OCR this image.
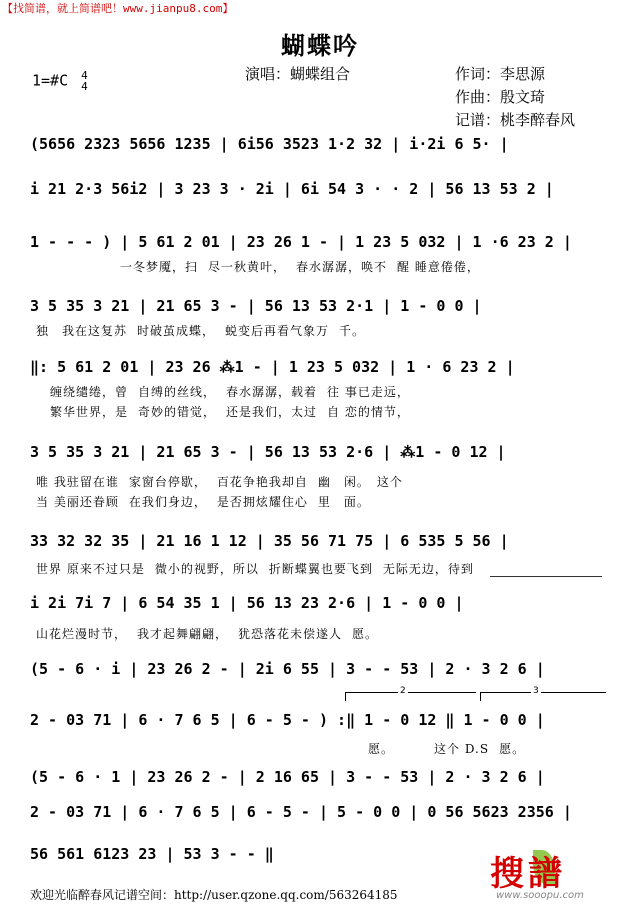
【找简谱，就上简谱吧！www.jianpu8.com】
蝴蝶吟
1=#C 4
4
演唱：蝴蝶组合	作词：李思源
作曲：殷文琦
记谱：桃李醉春风
(5656 2323 5656 1235 | 6i56 3523 1·2 32 | i·2i 6 5· |
i 21 2·3 56i2 | 3 23 3 · 2i | 6i 54 3 · · 2 | 56 13 53 2 |
1 - - - ) | 5 61 2 01 | 23 26 1 - | 1 23 5 032 | 1 ·6 23 2 |
一冬梦魇，扫 尽一秋黄叶， 春水潺潺，唤不 醒 睡意倦倦，
3 5 35 3 21 | 21 65 3 - | 56 13 53 2·1 | 1 - 0 0 |
独　我在这复苏 时破茧成蝶， 蜕变后再看气象万 千。
‖: 5 61 2 01 | 23 26 ⁂1 - | 1 23 5 032 | 1 · 6 23 2 |
缠绕缱绻，曾 自缚的丝线， 春水潺潺，载着 往 事已走远，
繁华世界，是 奇妙的错觉， 还是我们，太过 自 恋的情节，
3 5 35 3 21 | 21 65 3 - | 56 13 53 2·6 | ⁂1 - 0 12 |
唯 我驻留在谁 家窗台停歇， 百花争艳我却自 幽　闲。　这个
当 美丽还眷顾 在我们身边， 是否拥炫耀住心 里　面。
33 32 32 35 | 21 16 1 12 | 35 56 71 75 | 6 535 5 56 |
世界 原来不过只是 微小的视野，所以 折断蝶翼也要飞到 无际无边，待到
i 2i 7i 7 | 6 54 35 1 | 56 13 23 2·6 | 1 - 0 0 |
山花烂漫时节， 我才起舞翩翩， 犹恐落花未偿遂人 愿。
(5 - 6 · i | 23 26 2 - | 2i 6 55 | 3 - - 53 | 2 · 3 2 6 |
2	3
2 - 03 71 | 6 · 7 6 5 | 6 - 5 - ) :‖ 1 - 0 12 ‖ 1 - 0 0 |
愿。	这个 D.S 愿。
(5 - 6 · 1 | 23 26 2 - | 2 16 65 | 3 - - 53 | 2 · 3 2 6 |
2 - 03 71 | 6 · 7 6 5 | 6 - 5 - | 5 - 0 0 | 0 56 5623 2356 |
56 561 6123 23 | 53 3 - - ‖
欢迎光临醉春风记谱空间：http://user.qzone.qq.com/563264185
搜譜
www.sooopu.com
